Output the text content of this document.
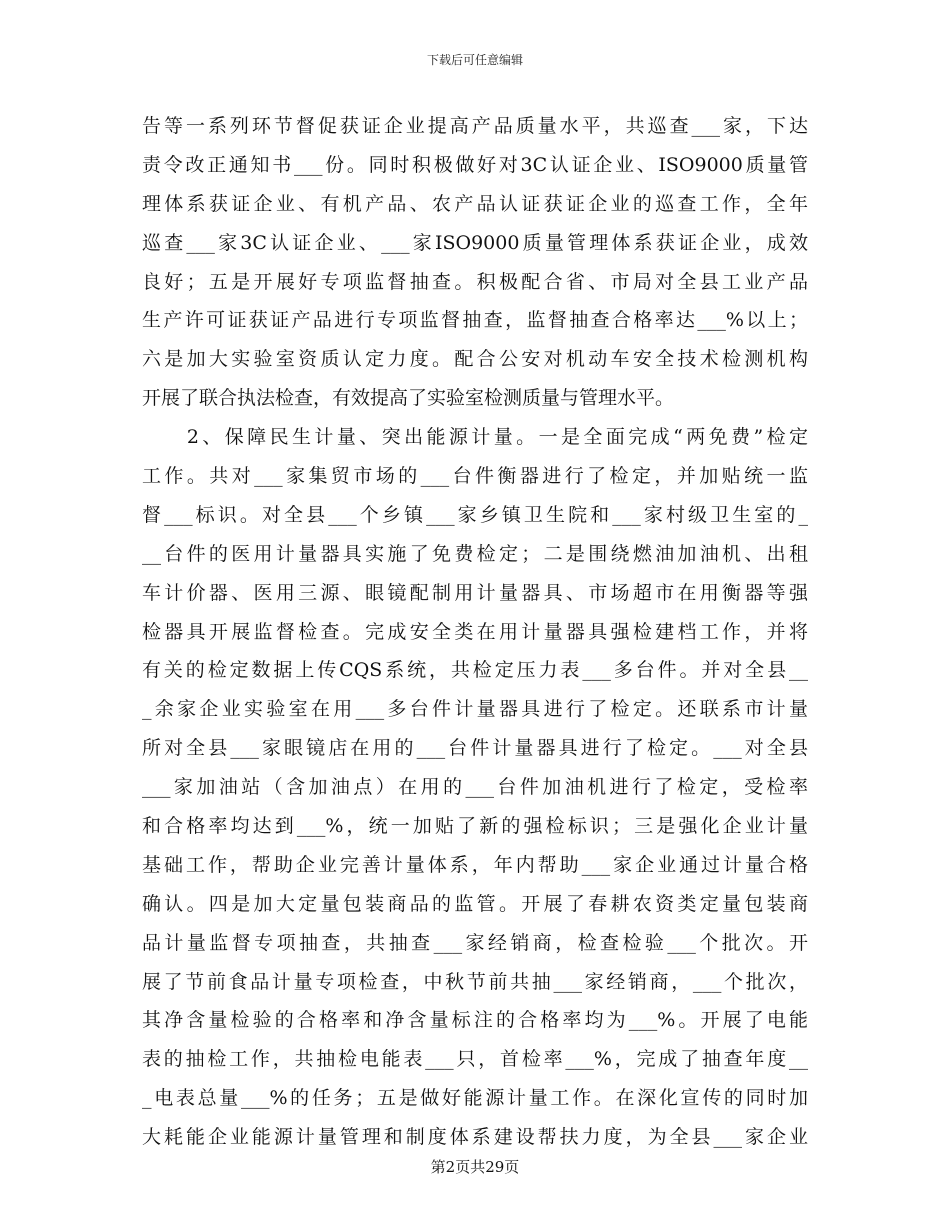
下载后可任意编辑
告等一系列环节督促获证企业提高产品质量水平，共巡查___家，下达
责令改正通知书___份。同时积极做好对3C认证企业、ISO9000质量管
理体系获证企业、有机产品、农产品认证获证企业的巡查工作，全年
巡查___家3C认证企业、___家ISO9000质量管理体系获证企业，成效
良好；五是开展好专项监督抽查。积极配合省、市局对全县工业产品
生产许可证获证产品进行专项监督抽查，监督抽查合格率达___%以上；
六是加大实验室资质认定力度。配合公安对机动车安全技术检测机构
开展了联合执法检查，有效提高了实验室检测质量与管理水平。
　　2、保障民生计量、突出能源计量。一是全面完成“两免费”检定
工作。共对___家集贸市场的___台件衡器进行了检定，并加贴统一监
督___标识。对全县___个乡镇___家乡镇卫生院和___家村级卫生室的_
__台件的医用计量器具实施了免费检定；二是围绕燃油加油机、出租
车计价器、医用三源、眼镜配制用计量器具、市场超市在用衡器等强
检器具开展监督检查。完成安全类在用计量器具强检建档工作，并将
有关的检定数据上传CQS系统，共检定压力表___多台件。并对全县__
_余家企业实验室在用___多台件计量器具进行了检定。还联系市计量
所对全县___家眼镜店在用的___台件计量器具进行了检定。___对全县
___家加油站（含加油点）在用的___台件加油机进行了检定，受检率
和合格率均达到___%，统一加贴了新的强检标识；三是强化企业计量
基础工作，帮助企业完善计量体系，年内帮助___家企业通过计量合格
确认。四是加大定量包装商品的监管。开展了春耕农资类定量包装商
品计量监督专项抽查，共抽查___家经销商，检查检验___个批次。开
展了节前食品计量专项检查，中秋节前共抽___家经销商，___个批次，
其净含量检验的合格率和净含量标注的合格率均为___%。开展了电能
表的抽检工作，共抽检电能表___只，首检率___%，完成了抽查年度__
_电表总量___%的任务；五是做好能源计量工作。在深化宣传的同时加
大耗能企业能源计量管理和制度体系建设帮扶力度，为全县___家企业
第2页共29页
